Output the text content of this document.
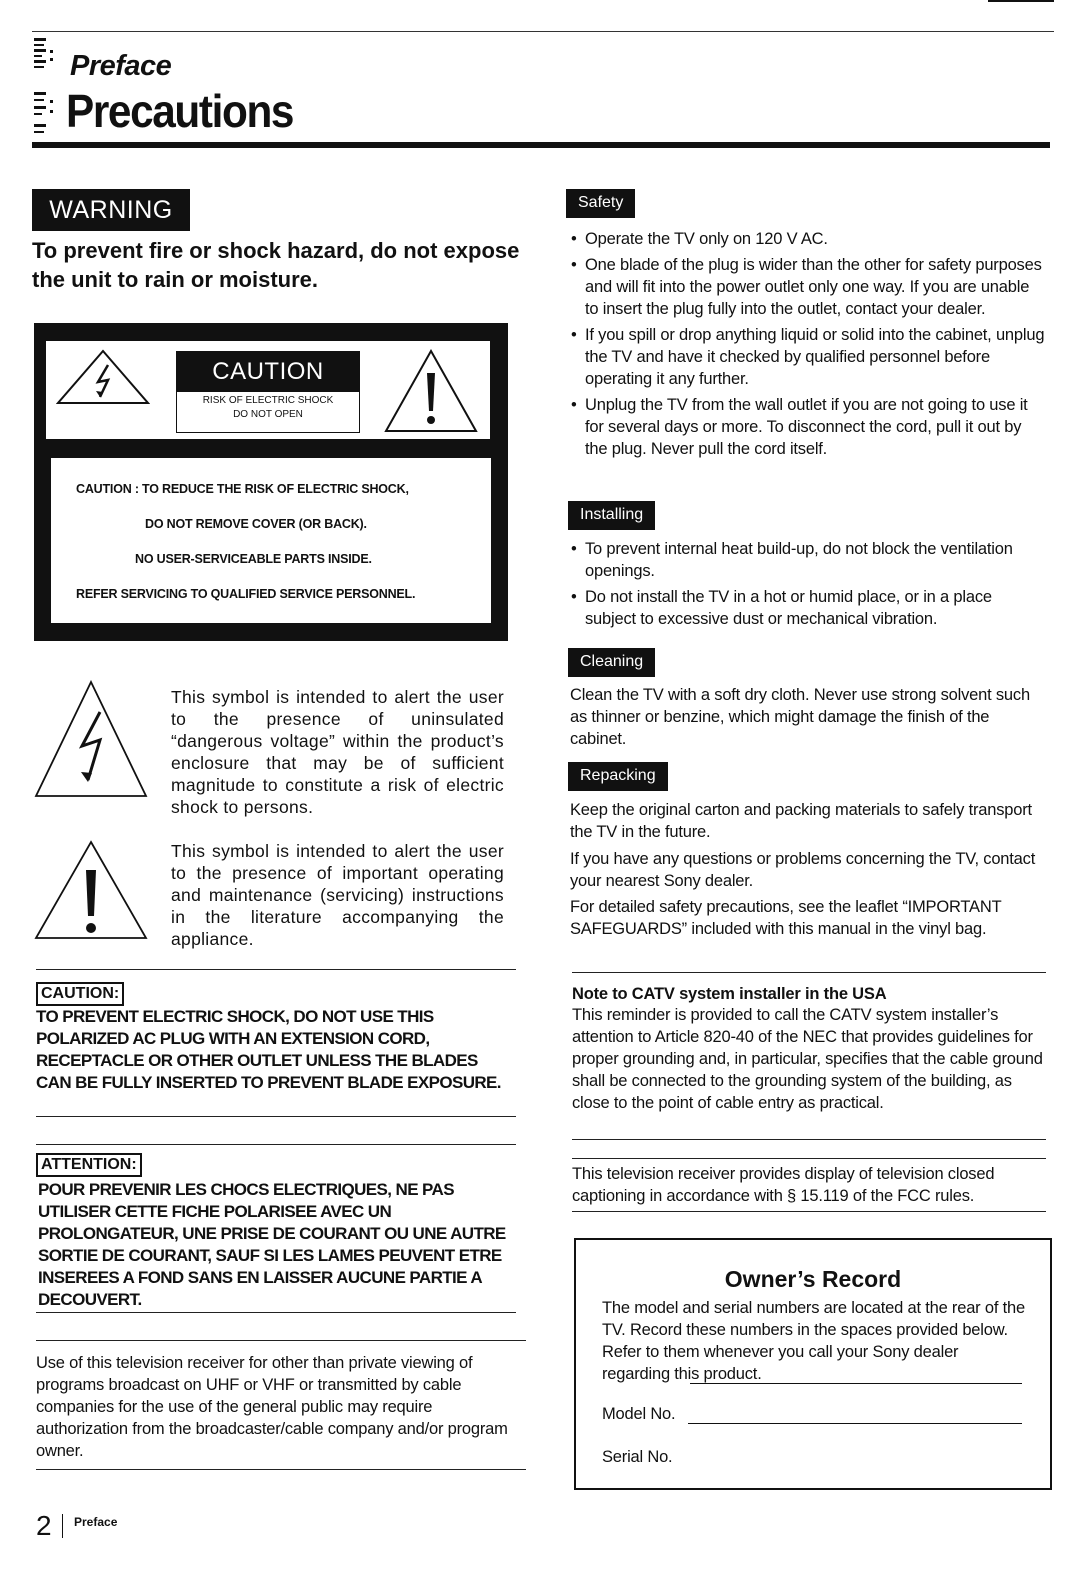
Preface
Precautions
WARNING
To prevent fire or shock hazard, do not expose the unit to rain or moisture.
CAUTION
RISK OF ELECTRIC SHOCK
DO NOT OPEN
CAUTION : TO REDUCE THE RISK OF ELECTRIC SHOCK,
DO NOT REMOVE COVER (OR BACK).
NO USER-SERVICEABLE PARTS INSIDE.
REFER SERVICING TO QUALIFIED SERVICE PERSONNEL.
This symbol is intended to alert the user to the presence of uninsulated “dangerous voltage” within the product’s enclosure that may be of sufficient magnitude to constitute a risk of electric shock to persons.
This symbol is intended to alert the user to the presence of important operating and maintenance (servicing) instructions in the literature accompanying the appliance.
CAUTION:
TO PREVENT ELECTRIC SHOCK, DO NOT USE THIS POLARIZED AC PLUG WITH AN EXTENSION CORD, RECEPTACLE OR OTHER OUTLET UNLESS THE BLADES CAN BE FULLY INSERTED TO PREVENT BLADE EXPOSURE.
ATTENTION:
POUR PREVENIR LES CHOCS ELECTRIQUES, NE PAS UTILISER CETTE FICHE POLARISEE AVEC UN PROLONGATEUR, UNE PRISE DE COURANT OU UNE AUTRE SORTIE DE COURANT, SAUF SI LES LAMES PEUVENT ETRE INSEREES A FOND SANS EN LAISSER AUCUNE PARTIE A DECOUVERT.
Use of this television receiver for other than private viewing of programs broadcast on UHF or VHF or transmitted by cable companies for the use of the general public may require authorization from the broadcaster/cable company and/or program owner.
Safety
• Operate the TV only on 120 V AC.
• One blade of the plug is wider than the other for safety purposes and will fit into the power outlet only one way. If you are unable to insert the plug fully into the outlet, contact your dealer.
• If you spill or drop anything liquid or solid into the cabinet, unplug the TV and have it checked by qualified personnel before operating it any further.
• Unplug the TV from the wall outlet if you are not going to use it for several days or more. To disconnect the cord, pull it out by the plug. Never pull the cord itself.
Installing
• To prevent internal heat build-up, do not block the ventilation openings.
• Do not install the TV in a hot or humid place, or in a place subject to excessive dust or mechanical vibration.
Cleaning
Clean the TV with a soft dry cloth. Never use strong solvent such as thinner or benzine, which might damage the finish of the cabinet.
Repacking
Keep the original carton and packing materials to safely transport the TV in the future.
If you have any questions or problems concerning the TV, contact your nearest Sony dealer.
For detailed safety precautions, see the leaflet “IMPORTANT SAFEGUARDS” included with this manual in the vinyl bag.
Note to CATV system installer in the USA
This reminder is provided to call the CATV system installer’s attention to Article 820-40 of the NEC that provides guidelines for proper grounding and, in particular, specifies that the cable ground shall be connected to the grounding system of the building, as close to the point of cable entry as practical.
This television receiver provides display of television closed captioning in accordance with § 15.119 of the FCC rules.
Owner’s Record
The model and serial numbers are located at the rear of the TV. Record these numbers in the spaces provided below. Refer to them whenever you call your Sony dealer regarding this product.
Model No.
Serial No.
2 Preface
